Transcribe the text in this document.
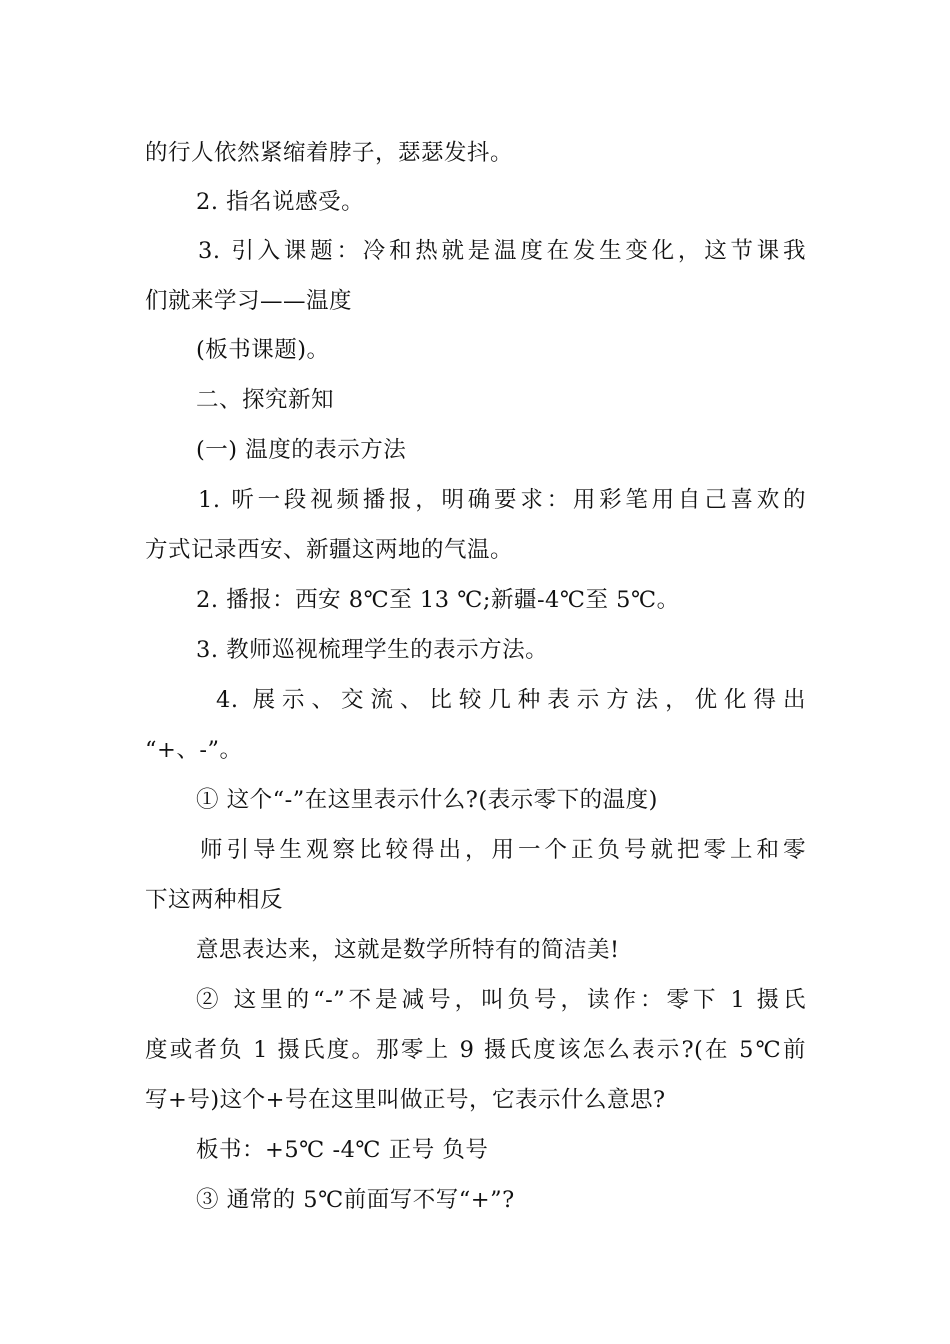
的行人依然紧缩着脖子，瑟瑟发抖。
2. 指名说感受。
3. 引入课题：冷和热就是温度在发生变化，这节课我
们就来学习——温度
(板书课题)。
二、探究新知
(一) 温度的表示方法
1. 听一段视频播报，明确要求：用彩笔用自己喜欢的
方式记录西安、新疆这两地的气温。
2. 播报：西安 8℃至 13 ℃;新疆-4℃至 5℃。
3. 教师巡视梳理学生的表示方法。
4. 展示、交流、比较几种表示方法，优化得出
“+、-”。
① 这个“-”在这里表示什么?(表示零下的温度)
师引导生观察比较得出，用一个正负号就把零上和零
下这两种相反
意思表达来，这就是数学所特有的简洁美!
② 这里的“-”不是减号，叫负号，读作：零下 1 摄氏
度或者负 1 摄氏度。那零上 9 摄氏度该怎么表示?(在 5℃前
写+号)这个+号在这里叫做正号，它表示什么意思?
板书：+5℃ -4℃ 正号 负号
③ 通常的 5℃前面写不写“+”?
